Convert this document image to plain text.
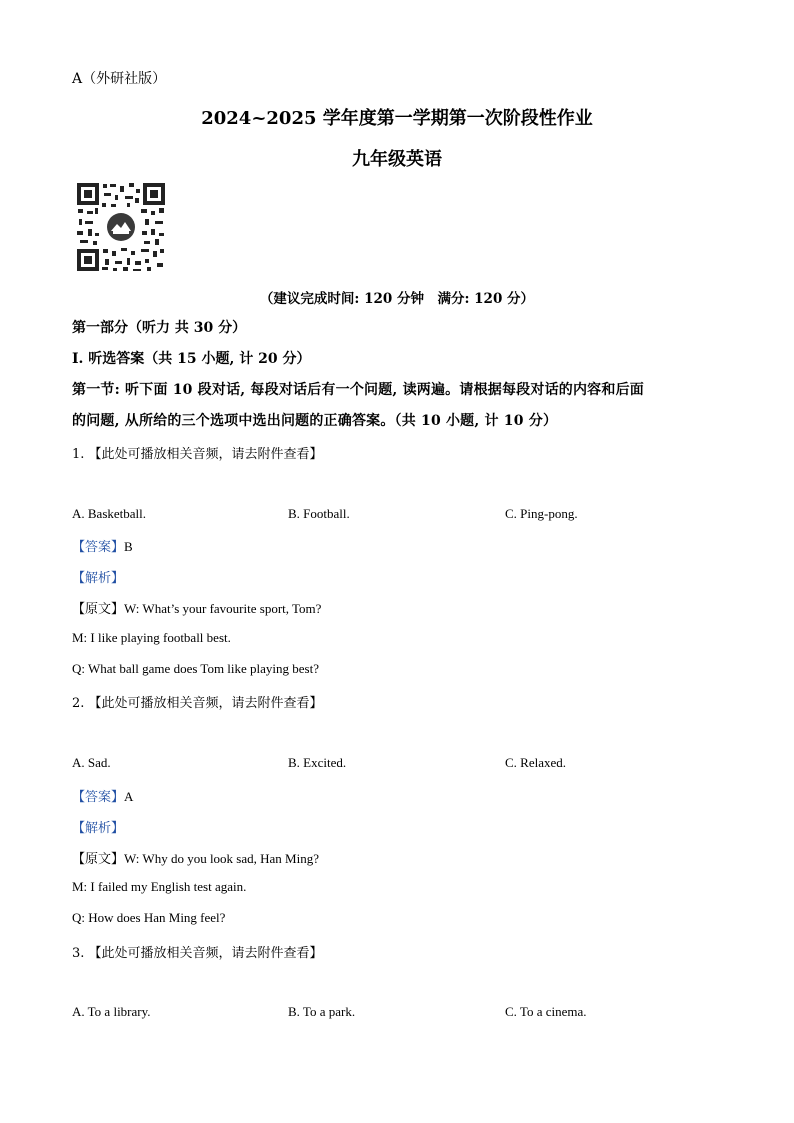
A（外研社版）
2024~2025 学年度第一学期第一次阶段性作业
九年级英语
（建议完成时间: 120 分钟　满分: 120 分）
第一部分（听力 共 30 分）
I. 听选答案（共 15 小题, 计 20 分）
第一节: 听下面 10 段对话, 每段对话后有一个问题, 读两遍。请根据每段对话的内容和后面
的问题, 从所给的三个选项中选出问题的正确答案。（共 10 小题, 计 10 分）
1. 【此处可播放相关音频，请去附件查看】
A. Basketball.	B. Football.	C. Ping-pong.
【答案】B
【解析】
【原文】W: What’s your favourite sport, Tom?
M: I like playing football best.
Q: What ball game does Tom like playing best?
2. 【此处可播放相关音频，请去附件查看】
A. Sad.	B. Excited.	C. Relaxed.
【答案】A
【解析】
【原文】W: Why do you look sad, Han Ming?
M: I failed my English test again.
Q: How does Han Ming feel?
3. 【此处可播放相关音频，请去附件查看】
A. To a library.	B. To a park.	C. To a cinema.
